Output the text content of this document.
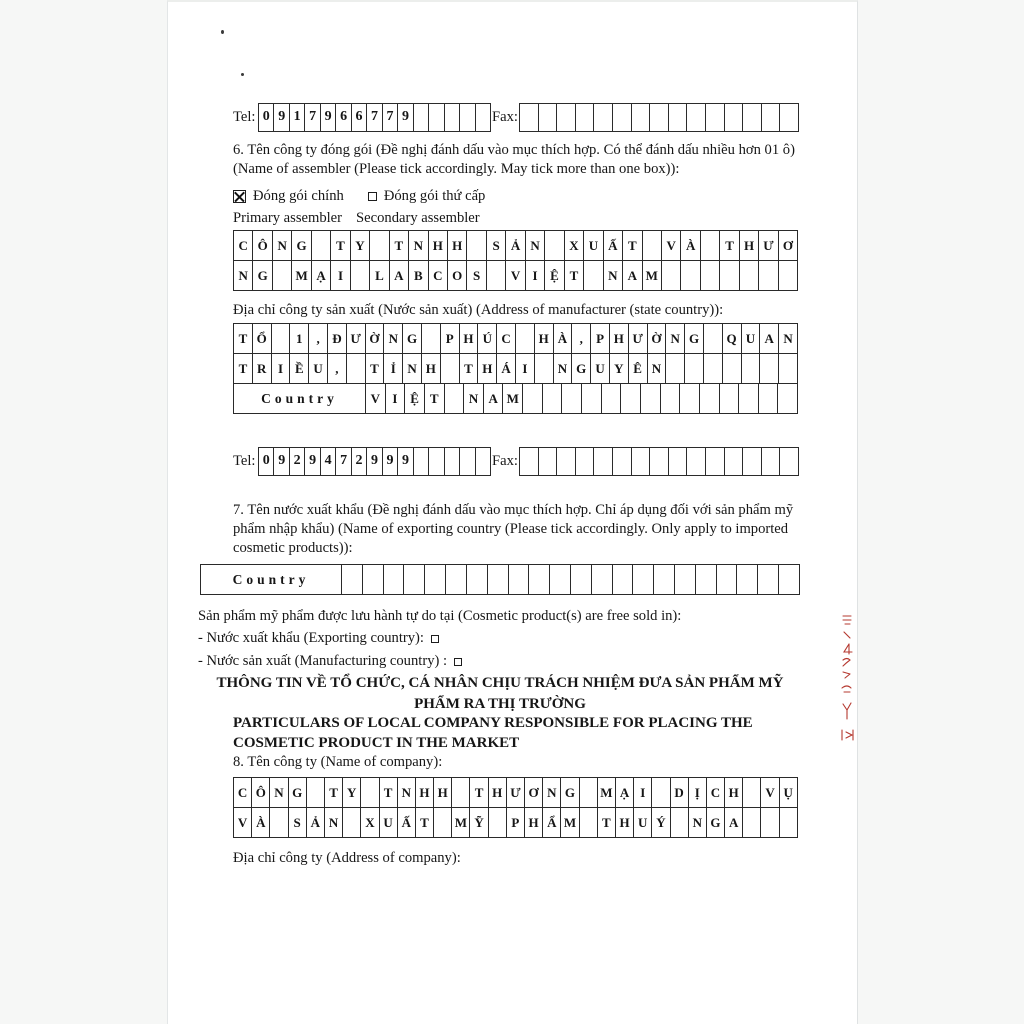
Tel: 0 9 1 7 9 6 6 7 7 9	Fax:
6. Tên công ty đóng gói (Đề nghị đánh dấu vào mục thích hợp. Có thể đánh dấu nhiều hơn 01 ô)
(Name of assembler (Please tick accordingly. May tick more than one box)):
Đóng gói chính	Đóng gói thứ cấp
Primary assembler Secondary assembler
C Ô N G	T Y	T N H H	S Ả N	X U Ấ T	V À	T H Ư Ơ
N G	M Ạ I	L A B C O S	V I Ệ T	N A M
Địa chỉ công ty sản xuất (Nước sản xuất) (Address of manufacturer (state country)):
T Ổ	1	, Đ Ư Ờ N G	P H Ú C	H À ,	P H Ư Ờ N G	Q U A N
T R I Ề U ,	T Ỉ N H	T H Á I	N G U Y Ê N
Country	V I Ệ T	N A M
Tel: 0 9 2 9 4 7 2 9 9 9	Fax:
7. Tên nước xuất khẩu (Đề nghị đánh dấu vào mục thích hợp. Chỉ áp dụng đối với sản phẩm mỹ phẩm nhập khẩu) (Name of exporting country (Please tick accordingly. Only apply to imported cosmetic products)):
Country
Sản phẩm mỹ phẩm được lưu hành tự do tại (Cosmetic product(s) are free sold in):
- Nước xuất khẩu (Exporting country):
- Nước sản xuất (Manufacturing country) :
THÔNG TIN VỀ TỔ CHỨC, CÁ NHÂN CHỊU TRÁCH NHIỆM ĐƯA SẢN PHẨM MỸ PHẨM RA THỊ TRƯỜNG
PARTICULARS OF LOCAL COMPANY RESPONSIBLE FOR PLACING THE COSMETIC PRODUCT IN THE MARKET
8. Tên công ty (Name of company):
C Ô N G	T Y	T N H H	T H Ư Ơ N G M Ạ I	D Ị C H	V Ụ
V À	S Ả N	X U Ấ T	M Ỹ	P H Ẩ M	T H U Ý	N G A
Địa chỉ công ty (Address of company):
